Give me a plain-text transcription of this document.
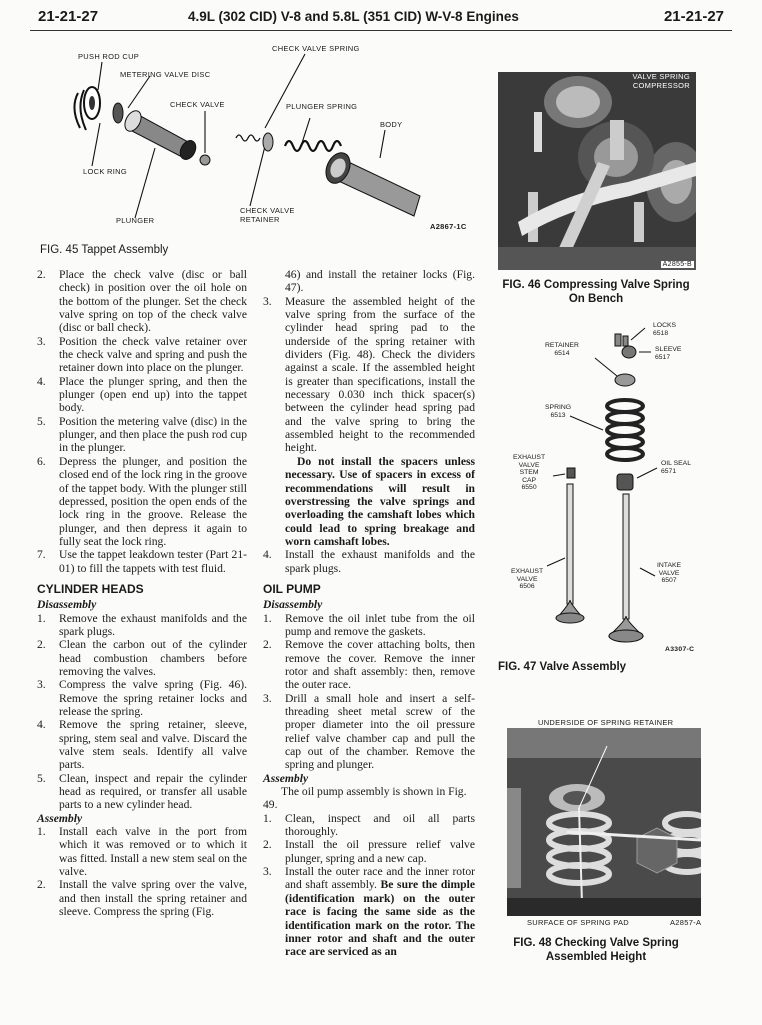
21-21-27	4.9L (302 CID) V-8 and 5.8L (351 CID) W-V-8 Engines	21-21-27
PUSH ROD CUP
METERING VALVE DISC
CHECK VALVE
CHECK VALVE SPRING
PLUNGER SPRING
BODY
LOCK RING
PLUNGER
CHECK VALVE
RETAINER
A2867-1C
FIG. 45 Tappet Assembly
2.	Place the check valve (disc or ball check) in position over the oil hole on the bottom of the plunger. Set the check valve spring on top of the check valve (disc or ball check).
3.	Position the check valve retainer over the check valve and spring and push the retainer down into place on the plunger.
4.	Place the plunger spring, and then the plunger (open end up) into the tappet body.
5.	Position the metering valve (disc) in the plunger, and then place the push rod cup in the plunger.
6.	Depress the plunger, and position the closed end of the lock ring in the groove of the tappet body. With the plunger still depressed, position the open ends of the lock ring in the groove. Release the plunger, and then depress it again to fully seat the lock ring.
7.	Use the tappet leakdown tester (Part 21-01) to fill the tappets with test fluid.
CYLINDER HEADS
Disassembly
1.	Remove the exhaust manifolds and the spark plugs.
2.	Clean the carbon out of the cylinder head combustion chambers before removing the valves.
3.	Compress the valve spring (Fig. 46). Remove the spring retainer locks and release the spring.
4.	Remove the spring retainer, sleeve, spring, stem seal and valve. Discard the valve stem seals. Identify all valve parts.
5.	Clean, inspect and repair the cylinder head as required, or transfer all usable parts to a new cylinder head.
Assembly
1.	Install each valve in the port from which it was removed or to which it was fitted. Install a new stem seal on the valve.
2.	Install the valve spring over the valve, and then install the spring retainer and sleeve. Compress the spring (Fig.

46) and install the retainer locks (Fig. 47).

3.	Measure the assembled height of the valve spring from the surface of the cylinder head spring pad to the underside of the spring retainer with dividers (Fig. 48). Check the dividers against a scale. If the assembled height is greater than specifications, install the necessary 0.030 inch thick spacer(s) between the cylinder head spring pad and the valve spring to bring the assembled height to the recommended height.

Do not install the spacers unless necessary. Use of spacers in excess of recommendations will result in overstressing the valve springs and overloading the camshaft lobes which could lead to spring breakage and worn camshaft lobes.

4.	Install the exhaust manifolds and the spark plugs.
OIL PUMP
Disassembly
1.	Remove the oil inlet tube from the oil pump and remove the gaskets.
2.	Remove the cover attaching bolts, then remove the cover. Remove the inner rotor and shaft assembly: then, remove the outer race.
3.	Drill a small hole and insert a self-threading sheet metal screw of the proper diameter into the oil pressure relief valve chamber cap and pull the cap out of the chamber. Remove the spring and plunger.
Assembly

The oil pump assembly is shown in Fig. 49.

1.	Clean, inspect and oil all parts thoroughly.
2.	Install the oil pressure relief valve plunger, spring and a new cap.
3.	Install the outer race and the inner rotor and shaft assembly. Be sure the dimple (identification mark) on the outer race is facing the same side as the identification mark on the rotor. The inner rotor and shaft and the outer race are serviced as an
VALVE SPRING
COMPRESSOR
A2855-B
FIG. 46 Compressing Valve Spring
On Bench
LOCKS
6518
RETAINER
6514	SLEEVE
6517
SPRING
6513
EXHAUST
VALVE
STEM
CAP
6550
OIL SEAL
6571
EXHAUST
VALVE
6506
INTAKE
VALVE
6507
A3307-C
FIG. 47 Valve Assembly
UNDERSIDE OF SPRING RETAINER
SURFACE OF SPRING PAD	A2857-A
FIG. 48 Checking Valve Spring
Assembled Height
